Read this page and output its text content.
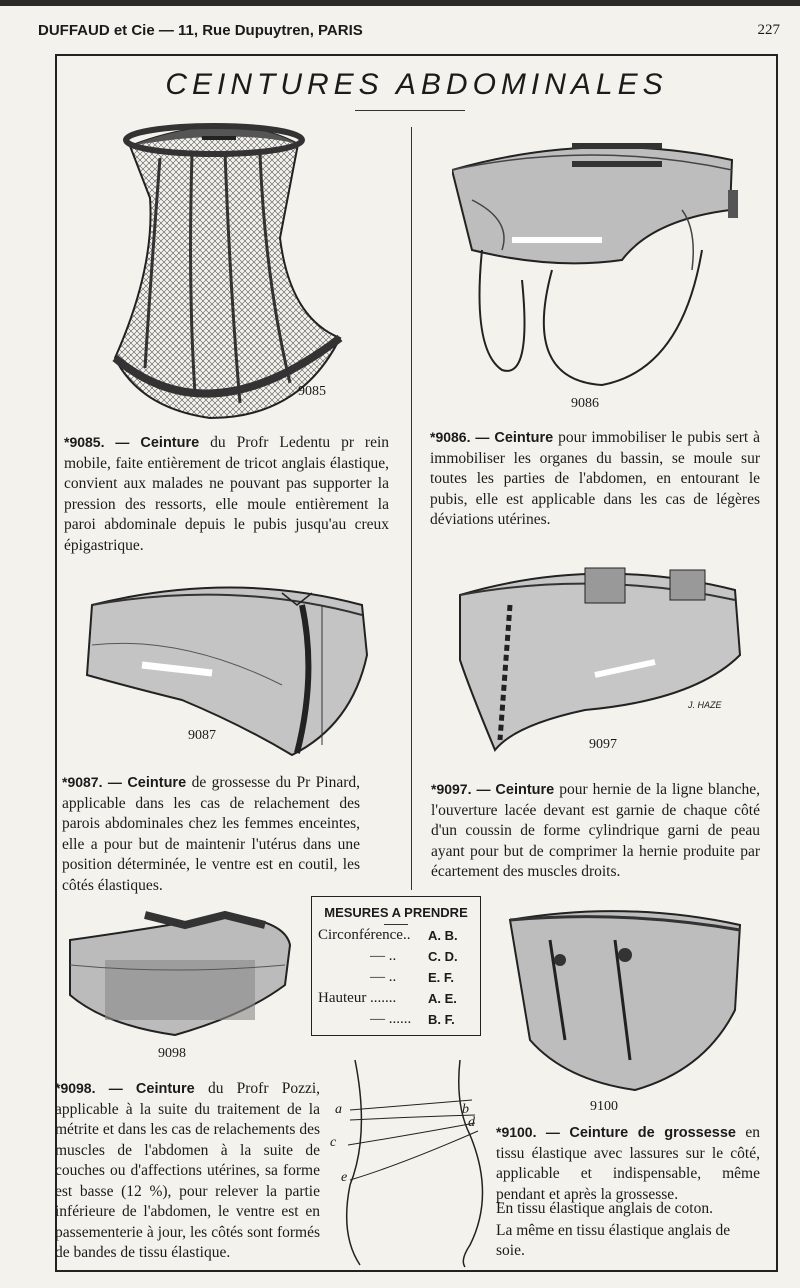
DUFFAUD et Cie — 11, Rue Dupuytren, PARIS	227
CEINTURES ABDOMINALES
9085
9086
*9085. — Ceinture du Profr Ledentu pr rein mobile, faite entièrement de tricot anglais élastique, convient aux malades ne pouvant pas supporter la pression des ressorts, elle moule entièrement la paroi abdominale depuis le pubis jusqu'au creux épigastrique.
*9086. — Ceinture pour immobiliser le pubis sert à immobiliser les organes du bassin, se moule sur toutes les parties de l'abdomen, en entourant le pubis, elle est applicable dans les cas de légères déviations utérines.
9087
J. HAZE
9097
*9087. — Ceinture de grossesse du Pr Pinard, applicable dans les cas de relachement des parois abdominales chez les femmes enceintes, elle a pour but de maintenir l'utérus dans une position déterminée, le ventre est en coutil, les côtés élastiques.
*9097. — Ceinture pour hernie de la ligne blanche, l'ouverture lacée devant est garnie de chaque côté d'un coussin de forme cylindrique garni de peau ayant pour but de comprimer la hernie produite par écartement des muscles droits.
MESURES A PRENDRE
Circonférence.. A. B.
— .. C. D.
— .. E. F.
Hauteur ....... A. E.
— ...... B. F.
9098
9100
a	b
c
d
e
*9098. — Ceinture du Profr Pozzi, applicable à la suite du traitement de la métrite et dans les cas de relachements des muscles de l'abdomen à la suite de couches ou d'affections utérines, sa forme est basse (12 %), pour relever la partie inférieure de l'abdomen, le ventre est en passementerie à jour, les côtés sont formés de bandes de tissu élastique.
*9100. — Ceinture de grossesse en tissu élastique avec lassures sur le côté, applicable et indispensable, même pendant et après la grossesse.
En tissu élastique anglais de coton.
La même en tissu élastique anglais de soie.
